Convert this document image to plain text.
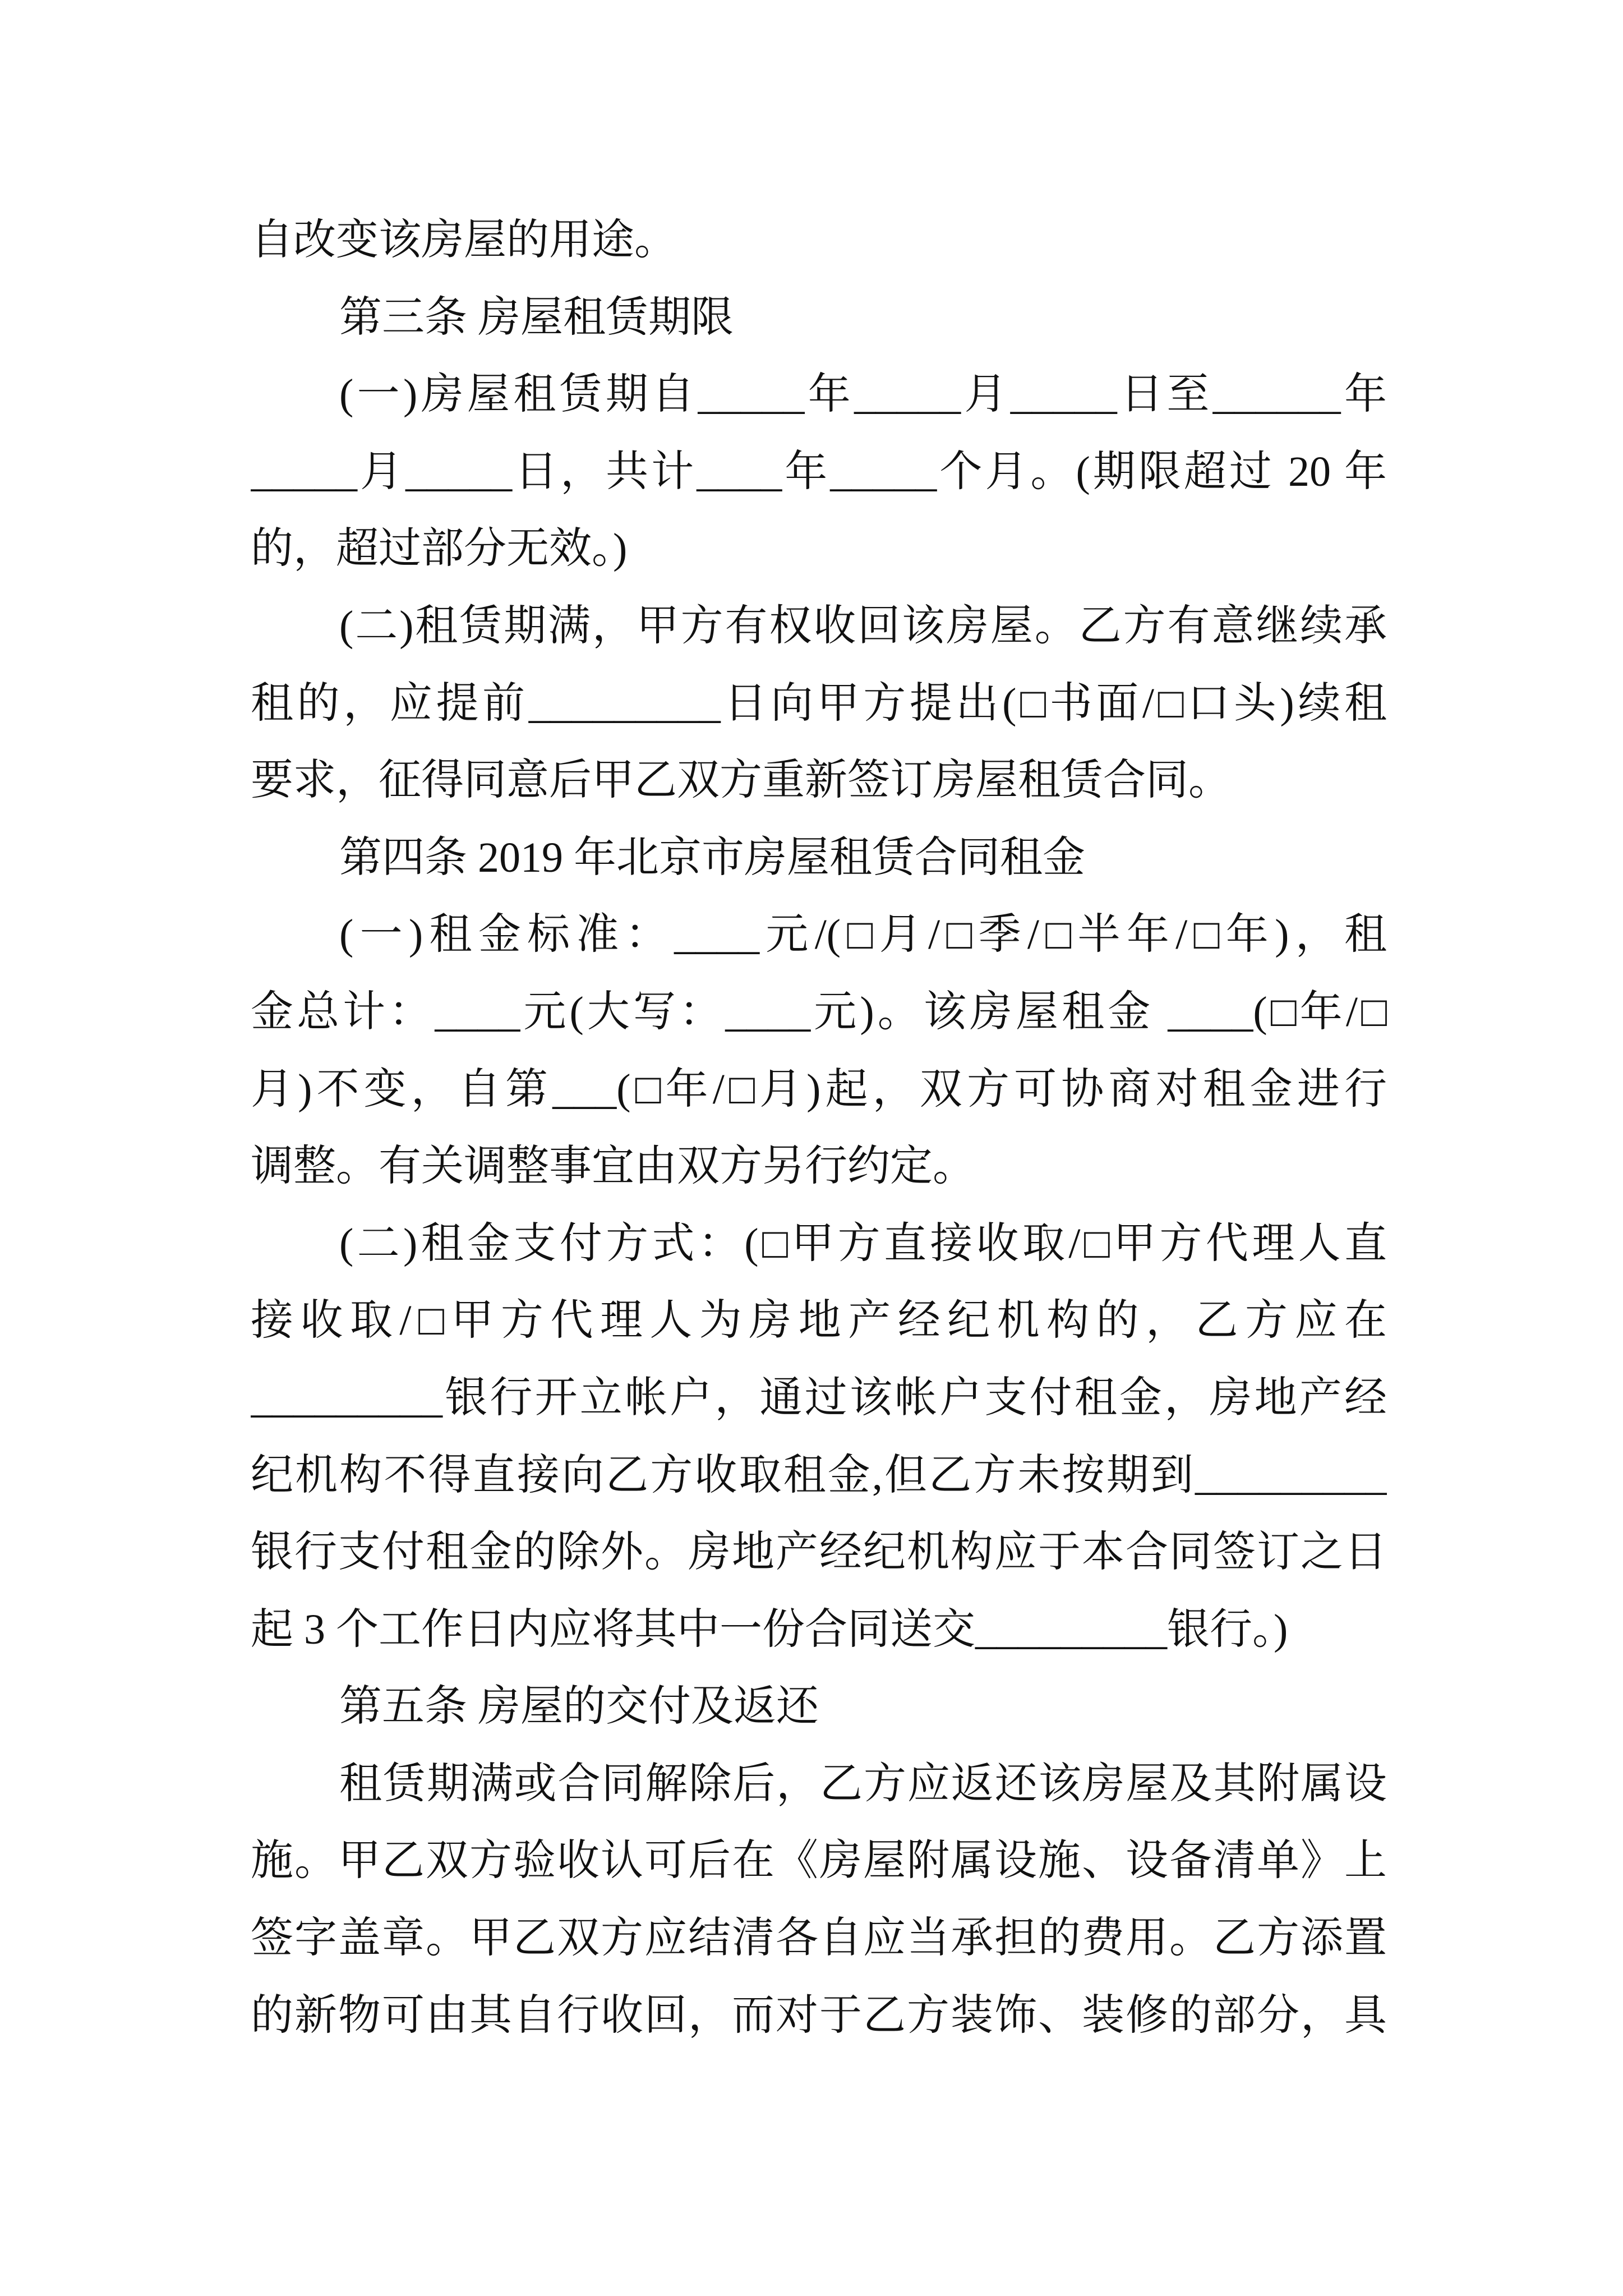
自改变该房屋的用途。
第三条 房屋租赁期限
(一)房屋租赁期自_____年_____月_____日至______年
_____月_____日，共计____年_____个月。(期限超过 20 年
的，超过部分无效。)
(二)租赁期满，甲方有权收回该房屋。乙方有意继续承
租的，应提前_________日向甲方提出(□书面/□口头)续租
要求，征得同意后甲乙双方重新签订房屋租赁合同。
第四条 2019 年北京市房屋租赁合同租金
(一)租金标准：____元/(□月/□季/□半年/□年)，租
金总计：____元(大写：____元)。该房屋租金 ____(□年/□
月)不变，自第___(□年/□月)起，双方可协商对租金进行
调整。有关调整事宜由双方另行约定。
(二)租金支付方式：(□甲方直接收取/□甲方代理人直
接收取/□甲方代理人为房地产经纪机构的，乙方应在
_________银行开立帐户，通过该帐户支付租金，房地产经
纪机构不得直接向乙方收取租金,但乙方未按期到_________
银行支付租金的除外。房地产经纪机构应于本合同签订之日
起 3 个工作日内应将其中一份合同送交_________银行。)
第五条 房屋的交付及返还
租赁期满或合同解除后，乙方应返还该房屋及其附属设
施。甲乙双方验收认可后在《房屋附属设施、设备清单》上
签字盖章。甲乙双方应结清各自应当承担的费用。乙方添置
的新物可由其自行收回，而对于乙方装饰、装修的部分，具
